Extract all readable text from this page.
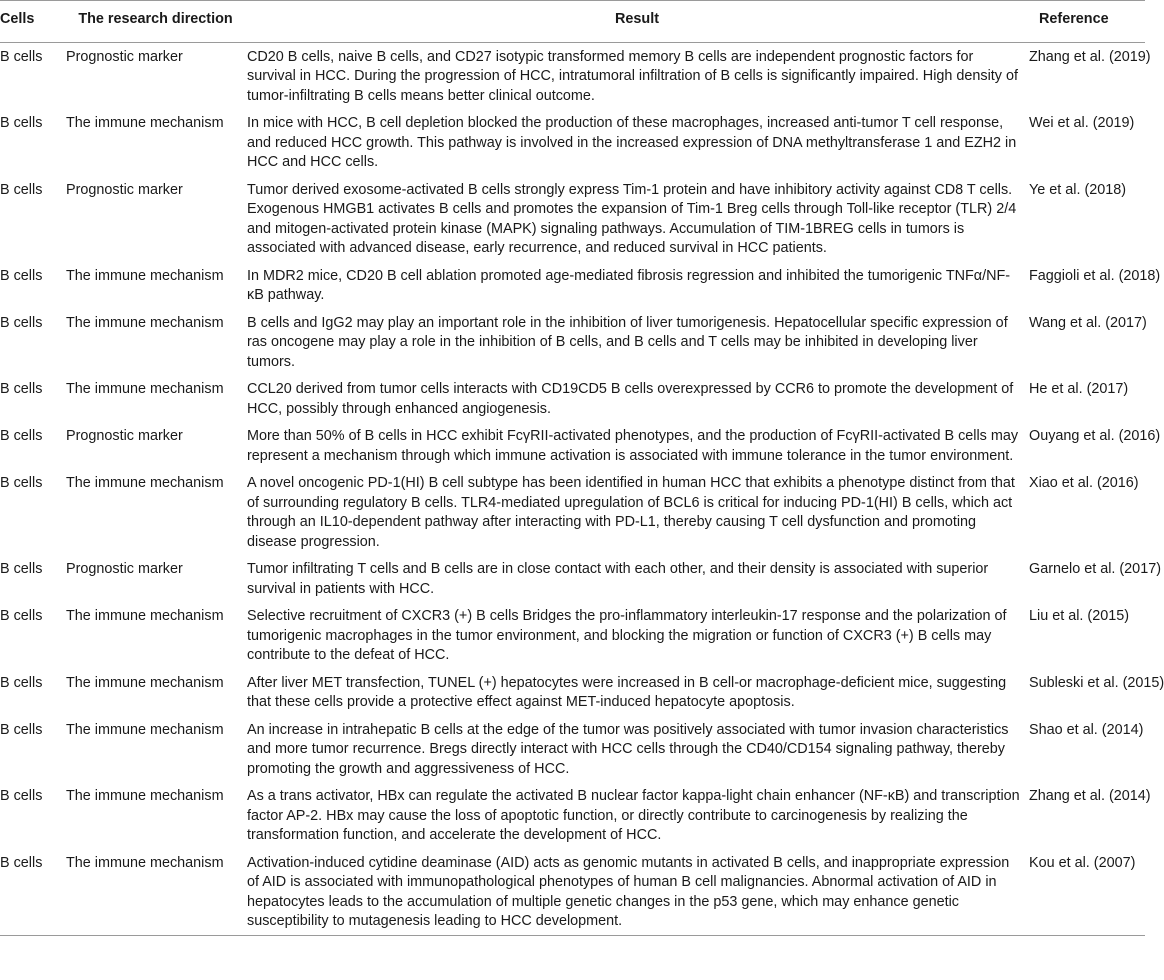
Cells	The research direction	Result	Reference
B cells	Prognostic marker	CD20 B cells, naive B cells, and CD27 isotypic transformed memory B cells are independent prognostic factors for survival in HCC. During the progression of HCC, intratumoral infiltration of B cells is significantly impaired. High density of tumor-infiltrating B cells means better clinical outcome.	Zhang et al. (2019)
B cells	The immune mechanism	In mice with HCC, B cell depletion blocked the production of these macrophages, increased anti-tumor T cell response, and reduced HCC growth. This pathway is involved in the increased expression of DNA methyltransferase 1 and EZH2 in HCC and HCC cells.	Wei et al. (2019)
B cells	Prognostic marker	Tumor derived exosome-activated B cells strongly express Tim-1 protein and have inhibitory activity against CD8 T cells. Exogenous HMGB1 activates B cells and promotes the expansion of Tim-1 Breg cells through Toll-like receptor (TLR) 2/4 and mitogen-activated protein kinase (MAPK) signaling pathways. Accumulation of TIM-1BREG cells in tumors is associated with advanced disease, early recurrence, and reduced survival in HCC patients.	Ye et al. (2018)
B cells	The immune mechanism	In MDR2 mice, CD20 B cell ablation promoted age-mediated fibrosis regression and inhibited the tumorigenic TNFα/NF-κB pathway.	Faggioli et al. (2018)
B cells	The immune mechanism	B cells and IgG2 may play an important role in the inhibition of liver tumorigenesis. Hepatocellular specific expression of ras oncogene may play a role in the inhibition of B cells, and B cells and T cells may be inhibited in developing liver tumors.	Wang et al. (2017)
B cells	The immune mechanism	CCL20 derived from tumor cells interacts with CD19CD5 B cells overexpressed by CCR6 to promote the development of HCC, possibly through enhanced angiogenesis.	He et al. (2017)
B cells	Prognostic marker	More than 50% of B cells in HCC exhibit FcγRII-activated phenotypes, and the production of FcγRII-activated B cells may represent a mechanism through which immune activation is associated with immune tolerance in the tumor environment.	Ouyang et al. (2016)
B cells	The immune mechanism	A novel oncogenic PD-1(HI) B cell subtype has been identified in human HCC that exhibits a phenotype distinct from that of surrounding regulatory B cells. TLR4-mediated upregulation of BCL6 is critical for inducing PD-1(HI) B cells, which act through an IL10-dependent pathway after interacting with PD-L1, thereby causing T cell dysfunction and promoting disease progression.	Xiao et al. (2016)
B cells	Prognostic marker	Tumor infiltrating T cells and B cells are in close contact with each other, and their density is associated with superior survival in patients with HCC.	Garnelo et al. (2017)
B cells	The immune mechanism	Selective recruitment of CXCR3 (+) B cells Bridges the pro-inflammatory interleukin-17 response and the polarization of tumorigenic macrophages in the tumor environment, and blocking the migration or function of CXCR3 (+) B cells may contribute to the defeat of HCC.	Liu et al. (2015)
B cells	The immune mechanism	After liver MET transfection, TUNEL (+) hepatocytes were increased in B cell-or macrophage-deficient mice, suggesting that these cells provide a protective effect against MET-induced hepatocyte apoptosis.	Subleski et al. (2015)
B cells	The immune mechanism	An increase in intrahepatic B cells at the edge of the tumor was positively associated with tumor invasion characteristics and more tumor recurrence. Bregs directly interact with HCC cells through the CD40/CD154 signaling pathway, thereby promoting the growth and aggressiveness of HCC.	Shao et al. (2014)
B cells	The immune mechanism	As a trans activator, HBx can regulate the activated B nuclear factor kappa-light chain enhancer (NF-κB) and transcription factor AP-2. HBx may cause the loss of apoptotic function, or directly contribute to carcinogenesis by realizing the transformation function, and accelerate the development of HCC.	Zhang et al. (2014)
B cells	The immune mechanism	Activation-induced cytidine deaminase (AID) acts as genomic mutants in activated B cells, and inappropriate expression of AID is associated with immunopathological phenotypes of human B cell malignancies. Abnormal activation of AID in hepatocytes leads to the accumulation of multiple genetic changes in the p53 gene, which may enhance genetic susceptibility to mutagenesis leading to HCC development.	Kou et al. (2007)
